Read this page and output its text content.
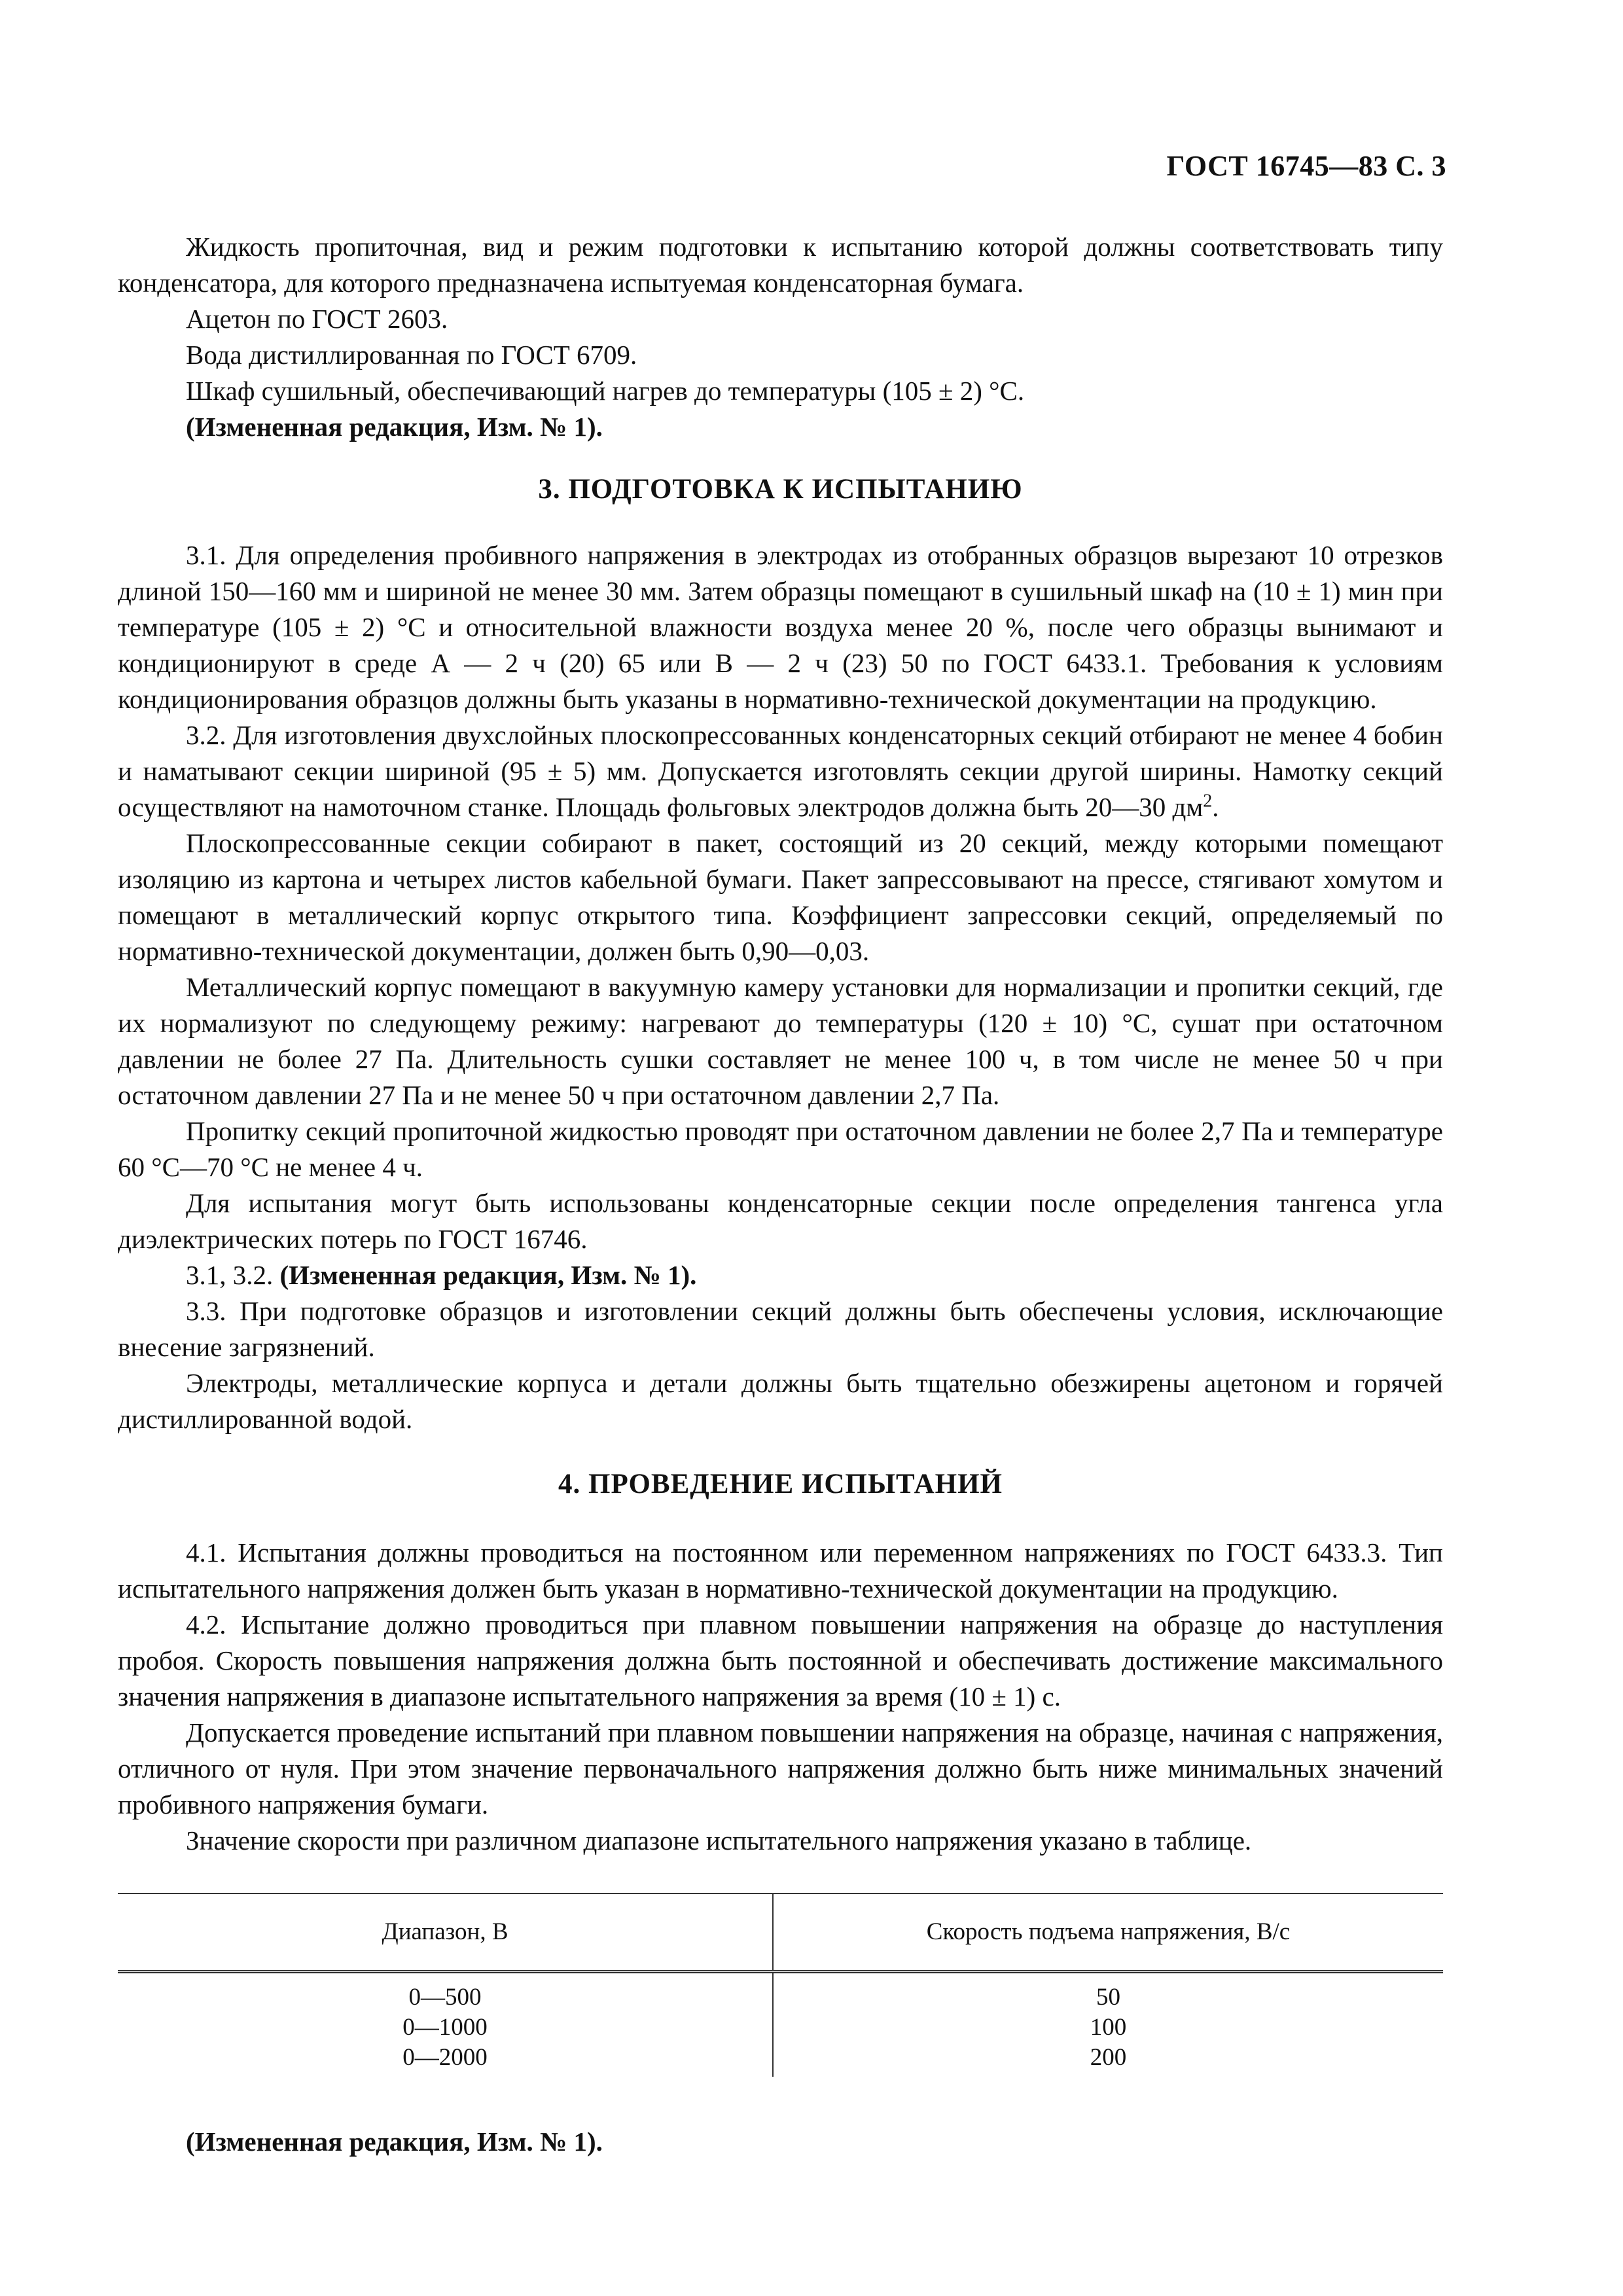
ГОСТ 16745—83 С. 3

Жидкость пропиточная, вид и режим подготовки к испытанию которой должны соответствовать типу конденсатора, для которого предназначена испытуемая конденсаторная бумага.

Ацетон по ГОСТ 2603.

Вода дистиллированная по ГОСТ 6709.

Шкаф сушильный, обеспечивающий нагрев до температуры (105 ± 2) °С.

(Измененная редакция, Изм. № 1).

3. ПОДГОТОВКА К ИСПЫТАНИЮ

3.1. Для определения пробивного напряжения в электродах из отобранных образцов вырезают 10 отрезков длиной 150—160 мм и шириной не менее 30 мм. Затем образцы помещают в сушильный шкаф на (10 ± 1) мин при температуре (105 ± 2) °С и относительной влажности воздуха менее 20 %, после чего образцы вынимают и кондиционируют в среде А — 2 ч (20) 65 или В — 2 ч (23) 50 по ГОСТ 6433.1. Требования к условиям кондиционирования образцов должны быть указаны в нормативно-технической документации на продукцию.

3.2. Для изготовления двухслойных плоскопрессованных конденсаторных секций отбирают не менее 4 бобин и наматывают секции шириной (95 ± 5) мм. Допускается изготовлять секции другой ширины. Намотку секций осуществляют на намоточном станке. Площадь фольговых электродов должна быть 20—30 $дм^2$.

Плоскопрессованные секции собирают в пакет, состоящий из 20 секций, между которыми помещают изоляцию из картона и четырех листов кабельной бумаги. Пакет запрессовывают на прессе, стягивают хомутом и помещают в металлический корпус открытого типа. Коэффициент запрессовки секций, определяемый по нормативно-технической документации, должен быть 0,90—0,03.

Металлический корпус помещают в вакуумную камеру установки для нормализации и пропитки секций, где их нормализуют по следующему режиму: нагревают до температуры (120 ± 10) °С, сушат при остаточном давлении не более 27 Па. Длительность сушки составляет не менее 100 ч, в том числе не менее 50 ч при остаточном давлении 27 Па и не менее 50 ч при остаточном давлении 2,7 Па.

Пропитку секций пропиточной жидкостью проводят при остаточном давлении не более 2,7 Па и температуре 60 °С—70 °С не менее 4 ч.

Для испытания могут быть использованы конденсаторные секции после определения тангенса угла диэлектрических потерь по ГОСТ 16746.

3.1, 3.2. (Измененная редакция, Изм. № 1).

3.3. При подготовке образцов и изготовлении секций должны быть обеспечены условия, исключающие внесение загрязнений.

Электроды, металлические корпуса и детали должны быть тщательно обезжирены ацетоном и горячей дистиллированной водой.

4. ПРОВЕДЕНИЕ ИСПЫТАНИЙ

4.1. Испытания должны проводиться на постоянном или переменном напряжениях по ГОСТ 6433.3. Тип испытательного напряжения должен быть указан в нормативно-технической документации на продукцию.

4.2. Испытание должно проводиться при плавном повышении напряжения на образце до наступления пробоя. Скорость повышения напряжения должна быть постоянной и обеспечивать достижение максимального значения напряжения в диапазоне испытательного напряжения за время (10 ± 1) с.

Допускается проведение испытаний при плавном повышении напряжения на образце, начиная с напряжения, отличного от нуля. При этом значение первоначального напряжения должно быть ниже минимальных значений пробивного напряжения бумаги.

Значение скорости при различном диапазоне испытательного напряжения указано в таблице.

Диапазон, В	Скорость подъема напряжения, В/с
0—500
0—1000
0—2000
50
100
200

(Измененная редакция, Изм. № 1).
